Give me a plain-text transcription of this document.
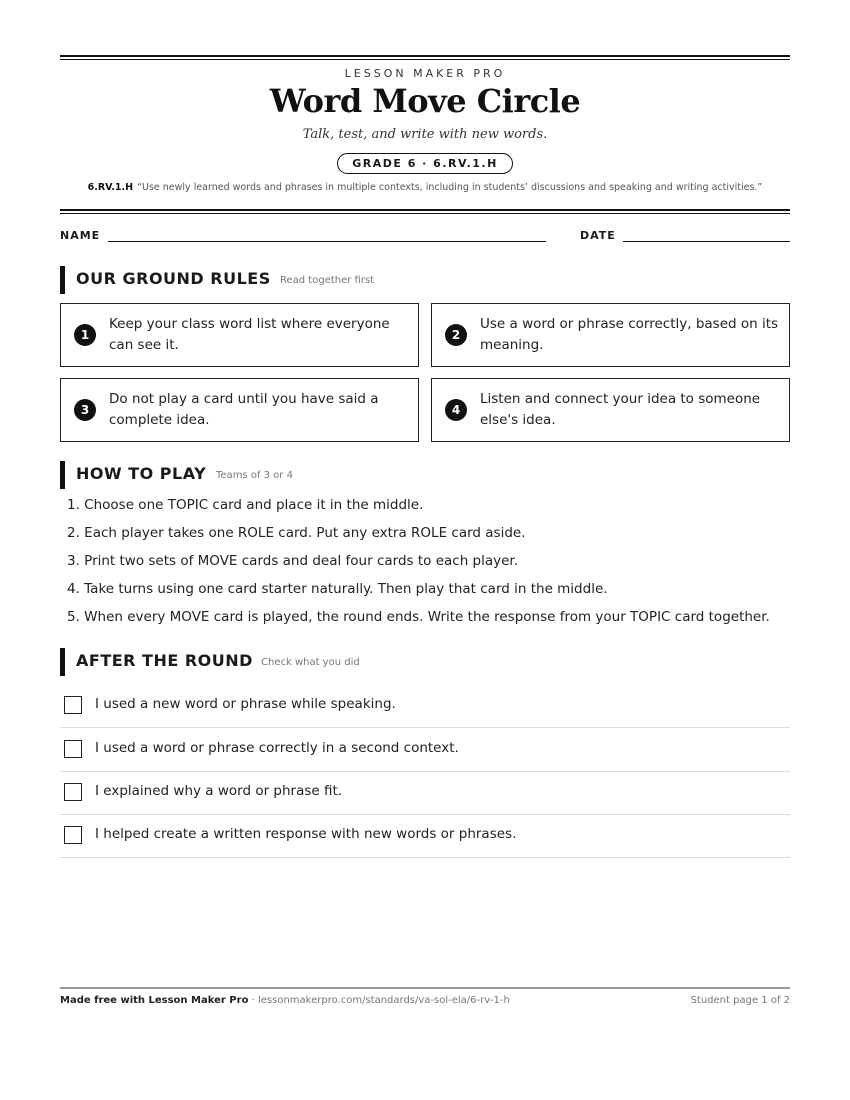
LESSON MAKER PRO
Word Move Circle
Talk, test, and write with new words.
GRADE 6 · 6.RV.1.H
6.RV.1.H “Use newly learned words and phrases in multiple contexts, including in students’ discussions and speaking and writing activities.”
NAME	DATE
OUR GROUND RULES Read together first
1
Keep your class word list where everyone can see it.
2
Use a word or phrase correctly, based on its meaning.
3
Do not play a card until you have said a complete idea.
4
Listen and connect your idea to someone else's idea.
HOW TO PLAY Teams of 3 or 4
1. Choose one TOPIC card and place it in the middle.
2. Each player takes one ROLE card. Put any extra ROLE card aside.
3. Print two sets of MOVE cards and deal four cards to each player.
4. Take turns using one card starter naturally. Then play that card in the middle.
5. When every MOVE card is played, the round ends. Write the response from your TOPIC card together.
AFTER THE ROUND Check what you did
I used a new word or phrase while speaking.
I used a word or phrase correctly in a second context.
I explained why a word or phrase fit.
I helped create a written response with new words or phrases.
Made free with Lesson Maker Pro · lessonmakerpro.com/standards/va-sol-ela/6-rv-1-h	Student page 1 of 2
